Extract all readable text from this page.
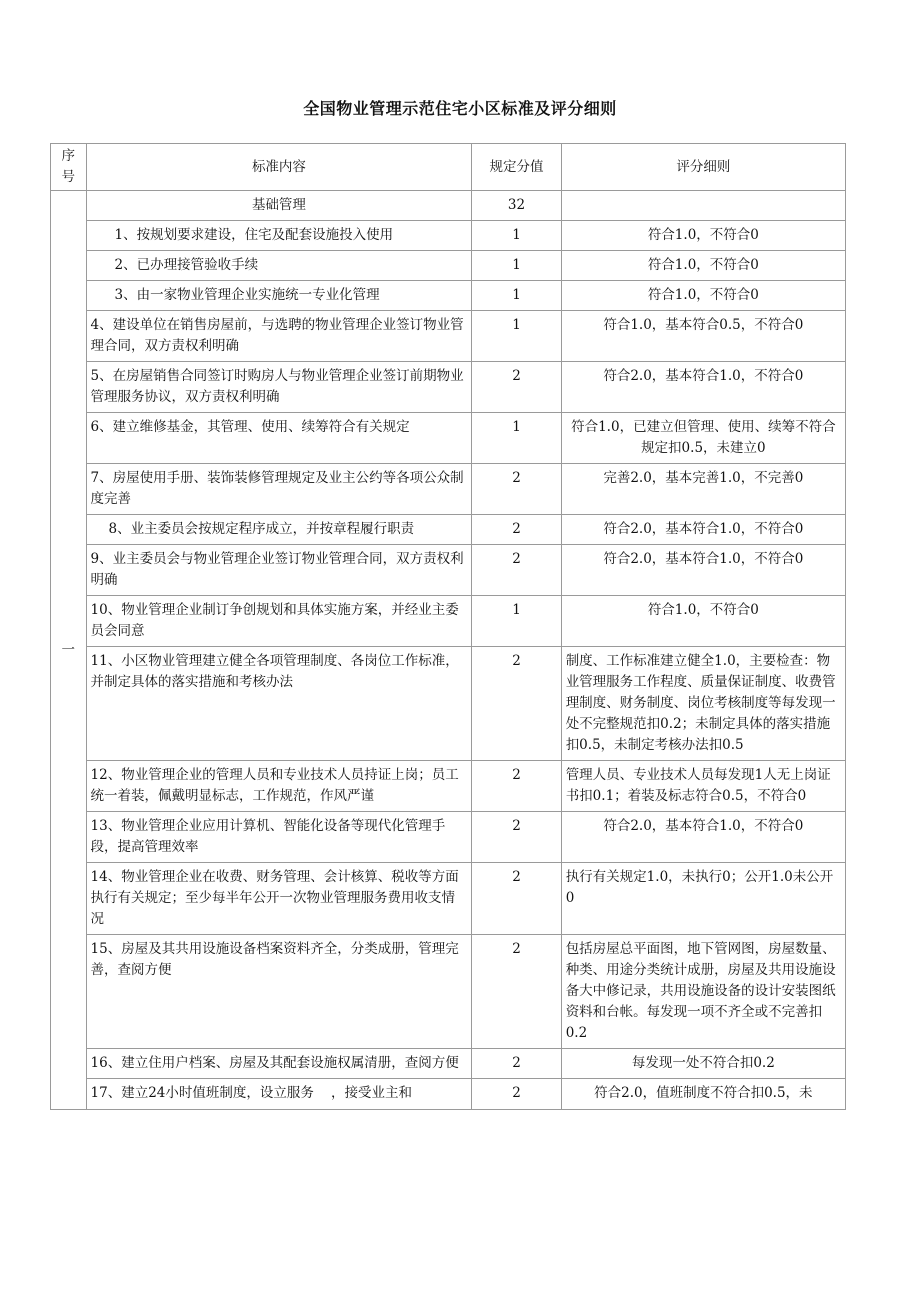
全国物业管理示范住宅小区标准及评分细则
序号	标准内容	规定分值	评分细则
一	基础管理	32	
	1、按规划要求建设，住宅及配套设施投入使用	1	符合1.0，不符合0
	2、已办理接管验收手续	1	符合1.0，不符合0
	3、由一家物业管理企业实施统一专业化管理	1	符合1.0，不符合0
	4、建设单位在销售房屋前，与选聘的物业管理企业签订物业管理合同，双方责权利明确	1	符合1.0，基本符合0.5，不符合0
	5、在房屋销售合同签订时购房人与物业管理企业签订前期物业管理服务协议，双方责权利明确	2	符合2.0，基本符合1.0，不符合0
	6、建立维修基金，其管理、使用、续筹符合有关规定	1	符合1.0，已建立但管理、使用、续筹不符合规定扣0.5，未建立0
	7、房屋使用手册、装饰装修管理规定及业主公约等各项公众制度完善	2	完善2.0，基本完善1.0，不完善0
	8、业主委员会按规定程序成立，并按章程履行职责	2	符合2.0，基本符合1.0，不符合0
	9、业主委员会与物业管理企业签订物业管理合同，双方责权利明确	2	符合2.0，基本符合1.0，不符合0
	10、物业管理企业制订争创规划和具体实施方案，并经业主委员会同意	1	符合1.0，不符合0
	11、小区物业管理建立健全各项管理制度、各岗位工作标准，并制定具体的落实措施和考核办法	2	制度、工作标准建立健全1.0，主要检查：物业管理服务工作程度、质量保证制度、收费管理制度、财务制度、岗位考核制度等每发现一处不完整规范扣0.2；未制定具体的落实措施扣0.5，未制定考核办法扣0.5
	12、物业管理企业的管理人员和专业技术人员持证上岗；员工统一着装，佩戴明显标志，工作规范，作风严谨	2	管理人员、专业技术人员每发现1人无上岗证书扣0.1；着装及标志符合0.5，不符合0
	13、物业管理企业应用计算机、智能化设备等现代化管理手段，提高管理效率	2	符合2.0，基本符合1.0，不符合0
	14、物业管理企业在收费、财务管理、会计核算、税收等方面执行有关规定；至少每半年公开一次物业管理服务费用收支情况	2	执行有关规定1.0，未执行0；公开1.0未公开0
	15、房屋及其共用设施设备档案资料齐全，分类成册，管理完善，查阅方便	2	包括房屋总平面图，地下管网图，房屋数量、种类、用途分类统计成册，房屋及共用设施设备大中修记录，共用设施设备的设计安装图纸资料和台帐。每发现一项不齐全或不完善扣0.2
	16、建立住用户档案、房屋及其配套设施权属清册，查阅方便	2	每发现一处不符合扣0.2
	17、建立24小时值班制度，设立服务    ，接受业主和	2	符合2.0，值班制度不符合扣0.5，未
